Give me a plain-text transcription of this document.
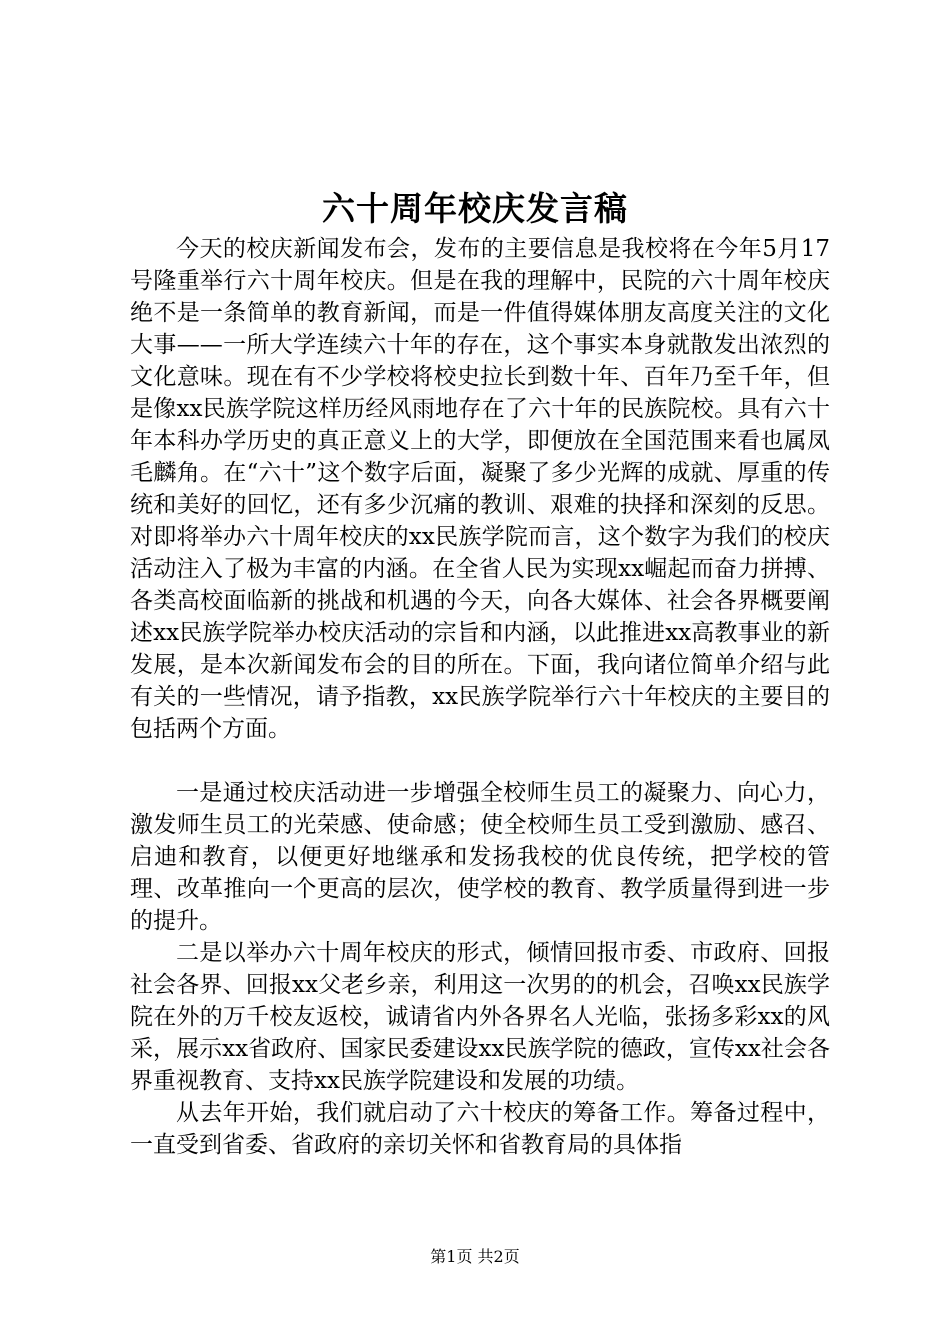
六十周年校庆发言稿

今天的校庆新闻发布会，发布的主要信息是我校将在今年5月17号隆重举行六十周年校庆。但是在我的理解中，民院的六十周年校庆绝不是一条简单的教育新闻，而是一件值得媒体朋友高度关注的文化大事——一所大学连续六十年的存在，这个事实本身就散发出浓烈的文化意味。现在有不少学校将校史拉长到数十年、百年乃至千年，但是像xx民族学院这样历经风雨地存在了六十年的民族院校。具有六十年本科办学历史的真正意义上的大学，即便放在全国范围来看也属凤毛麟角。在“六十”这个数字后面，凝聚了多少光辉的成就、厚重的传统和美好的回忆，还有多少沉痛的教训、艰难的抉择和深刻的反思。对即将举办六十周年校庆的xx民族学院而言，这个数字为我们的校庆活动注入了极为丰富的内涵。在全省人民为实现xx崛起而奋力拼搏、各类高校面临新的挑战和机遇的今天，向各大媒体、社会各界概要阐述xx民族学院举办校庆活动的宗旨和内涵，以此推进xx高教事业的新发展，是本次新闻发布会的目的所在。下面，我向诸位简单介绍与此有关的一些情况，请予指教，xx民族学院举行六十年校庆的主要目的包括两个方面。

一是通过校庆活动进一步增强全校师生员工的凝聚力、向心力，激发师生员工的光荣感、使命感；使全校师生员工受到激励、感召、启迪和教育，以便更好地继承和发扬我校的优良传统，把学校的管理、改革推向一个更高的层次，使学校的教育、教学质量得到进一步的提升。

二是以举办六十周年校庆的形式，倾情回报市委、市政府、回报社会各界、回报xx父老乡亲，利用这一次男的的机会，召唤xx民族学院在外的万千校友返校，诚请省内外各界名人光临，张扬多彩xx的风采，展示xx省政府、国家民委建设xx民族学院的德政，宣传xx社会各界重视教育、支持xx民族学院建设和发展的功绩。

从去年开始，我们就启动了六十校庆的筹备工作。筹备过程中，一直受到省委、省政府的亲切关怀和省教育局的具体指

第1页 共2页
